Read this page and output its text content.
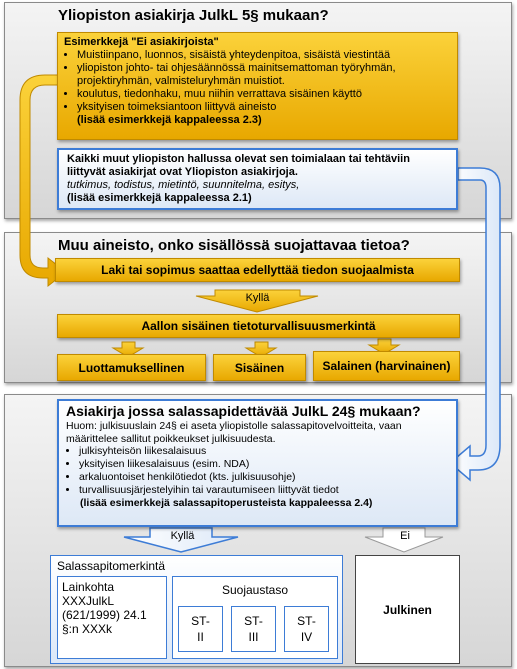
Yliopiston asiakirja JulkL 5§ mukaan?
Esimerkkejä "Ei asiakirjoista"
• Muistiinpano, luonnos, sisäistä yhteydenpitoa, sisäistä viestintää
• yliopiston johto- tai ohjesäännössä mainitsemattoman työryhmän, projektiryhmän, valmisteluryhmän muistiot.
• koulutus, tiedonhaku, muu niihin verrattava sisäinen käyttö
• yksityisen toimeksiantoon liittyvä aineisto
(lisää esimerkkejä kappaleessa 2.3)
Kaikki muut yliopiston hallussa olevat sen toimialaan tai tehtäviin liittyvät asiakirjat ovat Yliopiston asiakirjoja.
tutkimus, todistus, mietintö, suunnitelma, esitys,
(lisää esimerkkejä kappaleessa 2.1)
Muu aineisto, onko sisällössä suojattavaa tietoa?
Laki tai sopimus saattaa edellyttää tiedon suojaalmista
Kyllä
Aallon sisäinen tietoturvallisuusmerkintä
Luottamuksellinen	Sisäinen	Salainen (harvinainen)
Asiakirja jossa salassapidettävää JulkL 24§ mukaan?
Huom: julkisuuslain 24§ ei aseta yliopistolle salassapitovelvoitteita, vaan määrittelee sallitut poikkeukset julkisuudesta.
• julkisyhteisön liikesalaisuus
• yksityisen liikesalaisuus (esim. NDA)
• arkaluontoiset henkilötiedot (kts. julkisuusohje)
• turvallisuusjärjestelyihin tai varautumiseen liittyvät tiedot
(lisää esimerkkejä salassapitoperusteista kappaleessa 2.4)
Kyllä	Ei
Salassapitomerkintä
Lainkohta XXXJulkL (621/1999) 24.1 §:n XXXk
Suojaustaso
ST-II
ST-III
ST-IV
Julkinen
